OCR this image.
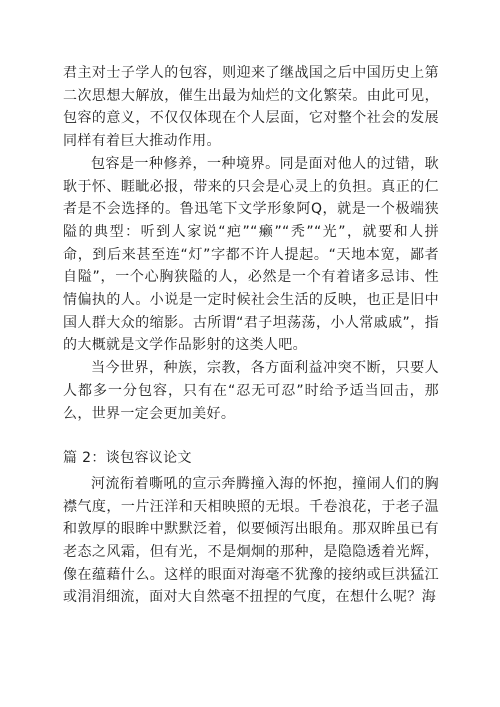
君主对士子学人的包容，则迎来了继战国之后中国历史上第二次思想大解放，催生出最为灿烂的文化繁荣。由此可见，包容的意义，不仅仅体现在个人层面，它对整个社会的发展同样有着巨大推动作用。

包容是一种修养，一种境界。同是面对他人的过错，耿耿于怀、睚眦必报，带来的只会是心灵上的负担。真正的仁者是不会选择的。鲁迅笔下文学形象阿Q，就是一个极端狭隘的典型：听到人家说“疤”“癞”“秃”“光”，就要和人拼命，到后来甚至连“灯”字都不许人提起。“天地本宽，鄙者自隘”，一个心胸狭隘的人，必然是一个有着诸多忌讳、性情偏执的人。小说是一定时候社会生活的反映，也正是旧中国人群大众的缩影。古所谓“君子坦荡荡，小人常戚戚”，指的大概就是文学作品影射的这类人吧。

当今世界，种族，宗教，各方面利益冲突不断，只要人人都多一分包容，只有在“忍无可忍”时给予适当回击，那么，世界一定会更加美好。

篇 2：谈包容议论文

河流衔着嘶吼的宣示奔腾撞入海的怀抱，撞闹人们的胸襟气度，一片汪洋和天相映照的无垠。千卷浪花，于老子温和敦厚的眼眸中默默泛着，似要倾泻出眼角。那双眸虽已有老态之风霜，但有光，不是炯炯的那种，是隐隐透着光辉，像在蕴藉什么。这样的眼面对海毫不犹豫的接纳或巨洪猛江或涓涓细流，面对大自然毫不扭捏的气度，在想什么呢？海
